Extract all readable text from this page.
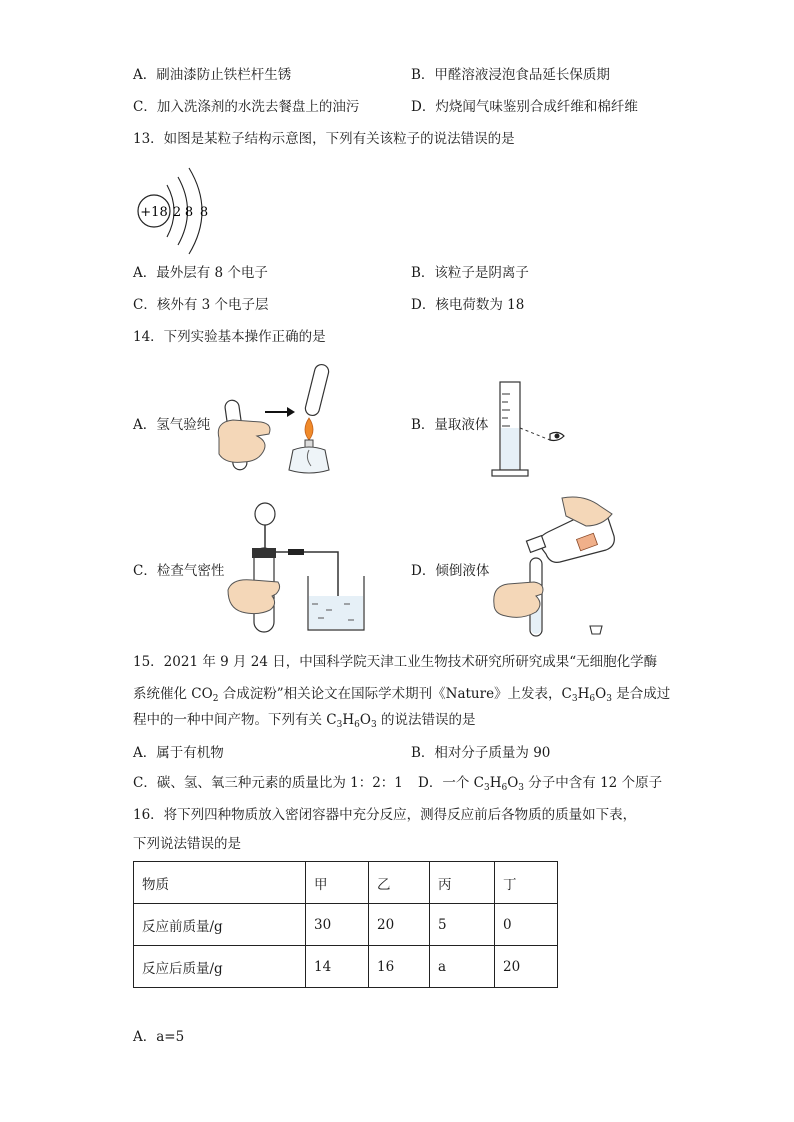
A．刷油漆防止铁栏杆生锈	B．甲醛溶液浸泡食品延长保质期
C．加入洗涤剂的水洗去餐盘上的油污	D．灼烧闻气味鉴别合成纤维和棉纤维
13．如图是某粒子结构示意图，下列有关该粒子的说法错误的是
+18 2 8 8
A．最外层有 8 个电子	B．该粒子是阴离子
C．核外有 3 个电子层	D．核电荷数为 18
14．下列实验基本操作正确的是
A．氢气验纯	B．量取液体
C．检查气密性	D．倾倒液体
15．2021 年 9 月 24 日，中国科学院天津工业生物技术研究所研究成果“无细胞化学酶
系统催化 $CO_2$ 合成淀粉”相关论文在国际学术期刊《Nature》上发表，$C_3H_6O_3$ 是合成过
程中的一种中间产物。下列有关 $C_3H_6O_3$ 的说法错误的是
A．属于有机物	B．相对分子质量为 90
C．碳、氢、氧三种元素的质量比为 1：2：1 D．一个 $C_3H_6O_3$ 分子中含有 12 个原子
16．将下列四种物质放入密闭容器中充分反应，测得反应前后各物质的质量如下表，
下列说法错误的是
物质	甲	乙	丙	丁
反应前质量/g	30	20	5	0
反应后质量/g	14	16	a	20
A．a=5
